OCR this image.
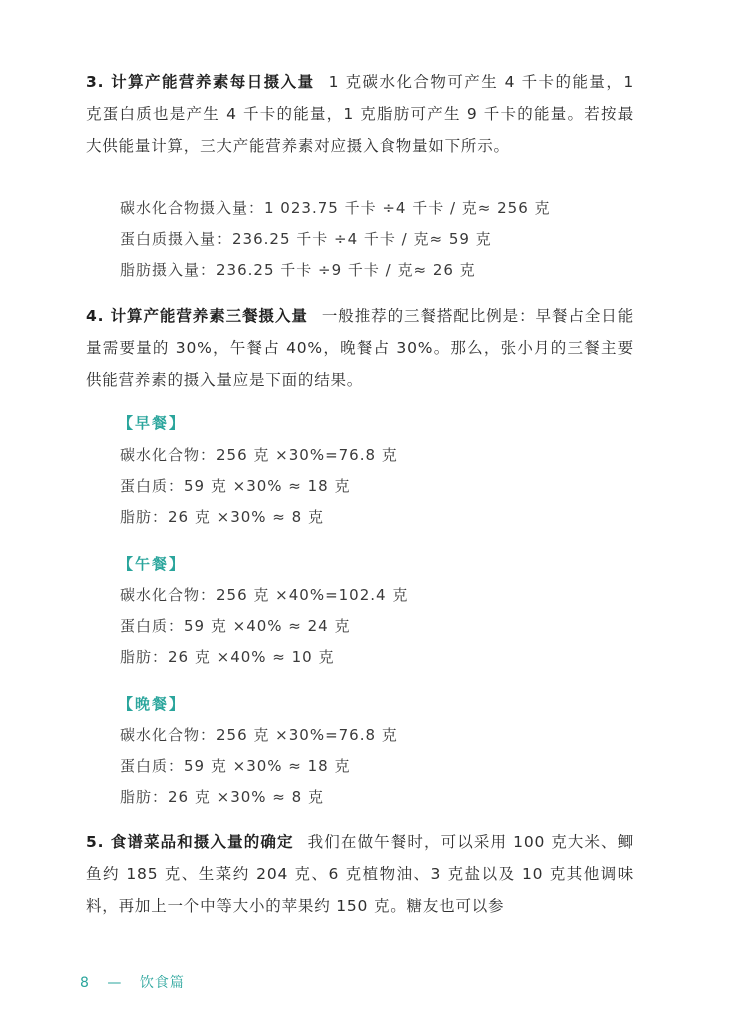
3. 计算产能营养素每日摄入量 1 克碳水化合物可产生 4 千卡的能量，1 克蛋白质也是产生 4 千卡的能量，1 克脂肪可产生 9 千卡的能量。若按最大供能量计算，三大产能营养素对应摄入食物量如下所示。

碳水化合物摄入量：1 023.75 千卡 ÷4 千卡 / 克≈ 256 克

蛋白质摄入量：236.25 千卡 ÷4 千卡 / 克≈ 59 克

脂肪摄入量：236.25 千卡 ÷9 千卡 / 克≈ 26 克

4. 计算产能营养素三餐摄入量 一般推荐的三餐搭配比例是：早餐占全日能量需要量的 30%，午餐占 40%，晚餐占 30%。那么，张小月的三餐主要供能营养素的摄入量应是下面的结果。

【早餐】

碳水化合物：256 克 ×30%=76.8 克

蛋白质：59 克 ×30% ≈ 18 克

脂肪：26 克 ×30% ≈ 8 克

【午餐】

碳水化合物：256 克 ×40%=102.4 克

蛋白质：59 克 ×40% ≈ 24 克

脂肪：26 克 ×40% ≈ 10 克

【晚餐】

碳水化合物：256 克 ×30%=76.8 克

蛋白质：59 克 ×30% ≈ 18 克

脂肪：26 克 ×30% ≈ 8 克

5. 食谱菜品和摄入量的确定 我们在做午餐时，可以采用 100 克大米、鲫鱼约 185 克、生菜约 204 克、6 克植物油、3 克盐以及 10 克其他调味料，再加上一个中等大小的苹果约 150 克。糖友也可以参

8 — 饮食篇
